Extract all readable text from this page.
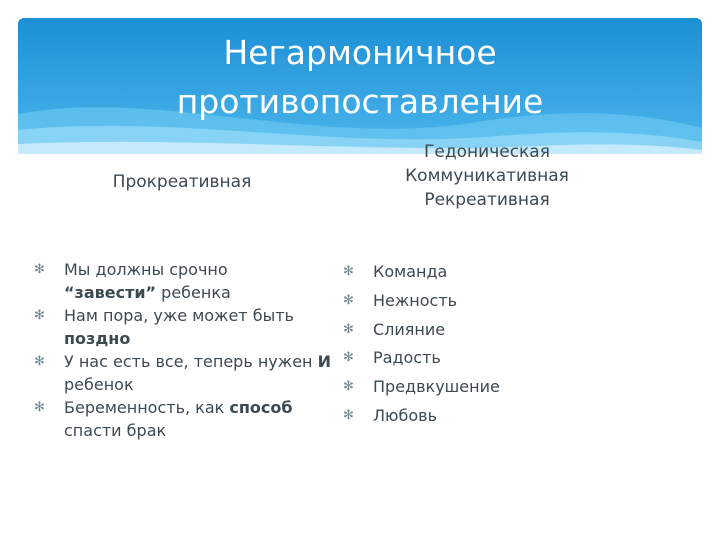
Негармоничное
противопоставление
Прокреативная
Гедоническая
Коммуникативная
Рекреативная
✻ Мы должны срочно
“завести” ребенка
✻ Нам пора, уже может быть поздно
✻ У нас есть все, теперь нужен И ребенок
✻ Беременность, как способ спасти брак
✻ Команда
✻ Нежность
✻ Слияние
✻ Радость
✻ Предвкушение
✻ Любовь
